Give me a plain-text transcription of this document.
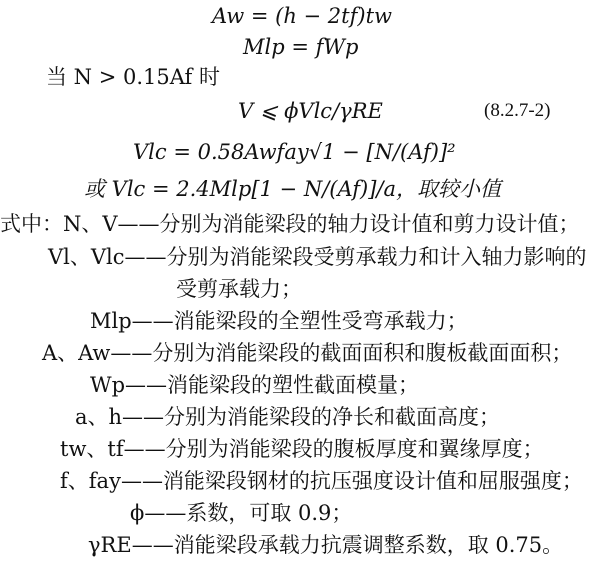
Aw = (h − 2tf)tw
Mlp = fWp
当 N > 0.15Af 时
V ⩽ ϕVlc/γRE	(8.2.7-2)
Vlc = 0.58Awfay√1 − [N/(Af)]²
或 Vlc = 2.4Mlp[1 − N/(Af)]/a，取较小值
式中：N、V——分别为消能梁段的轴力设计值和剪力设计值；
Vl、Vlc——分别为消能梁段受剪承载力和计入轴力影响的
受剪承载力；
Mlp——消能梁段的全塑性受弯承载力；
A、Aw——分别为消能梁段的截面面积和腹板截面面积；
Wp——消能梁段的塑性截面模量；
a、h——分别为消能梁段的净长和截面高度；
tw、tf——分别为消能梁段的腹板厚度和翼缘厚度；
f、fay——消能梁段钢材的抗压强度设计值和屈服强度；
ϕ——系数，可取 0.9；
γRE——消能梁段承载力抗震调整系数，取 0.75。
